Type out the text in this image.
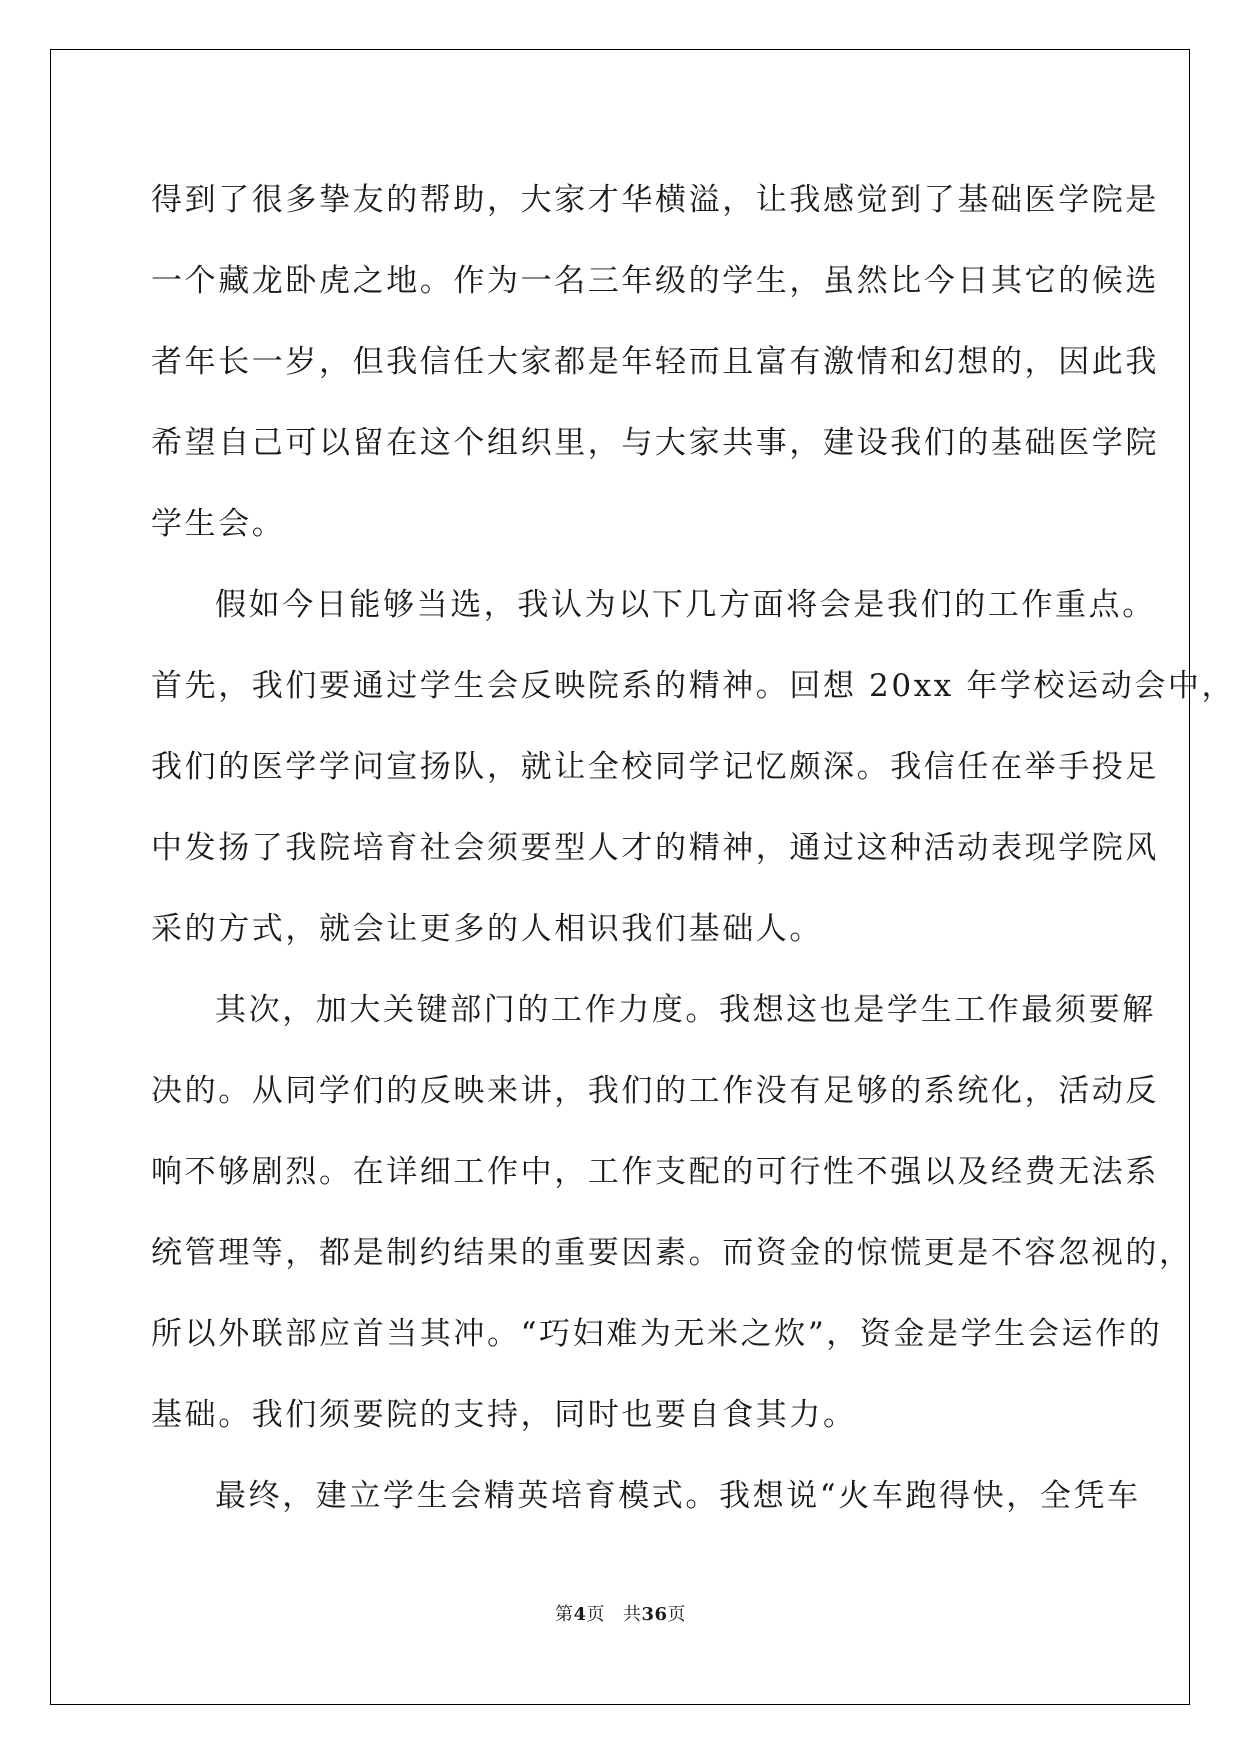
得到了很多挚友的帮助，大家才华横溢，让我感觉到了基础医学院是
一个藏龙卧虎之地。作为一名三年级的学生，虽然比今日其它的候选
者年长一岁，但我信任大家都是年轻而且富有激情和幻想的，因此我
希望自己可以留在这个组织里，与大家共事，建设我们的基础医学院
学生会。
假如今日能够当选，我认为以下几方面将会是我们的工作重点。
首先，我们要通过学生会反映院系的精神。回想 20xx 年学校运动会中，
我们的医学学问宣扬队，就让全校同学记忆颇深。我信任在举手投足
中发扬了我院培育社会须要型人才的精神，通过这种活动表现学院风
采的方式，就会让更多的人相识我们基础人。
其次，加大关键部门的工作力度。我想这也是学生工作最须要解
决的。从同学们的反映来讲，我们的工作没有足够的系统化，活动反
响不够剧烈。在详细工作中，工作支配的可行性不强以及经费无法系
统管理等，都是制约结果的重要因素。而资金的惊慌更是不容忽视的，
所以外联部应首当其冲。“巧妇难为无米之炊”，资金是学生会运作的
基础。我们须要院的支持，同时也要自食其力。
最终，建立学生会精英培育模式。我想说“火车跑得快，全凭车
第4页 共36页
